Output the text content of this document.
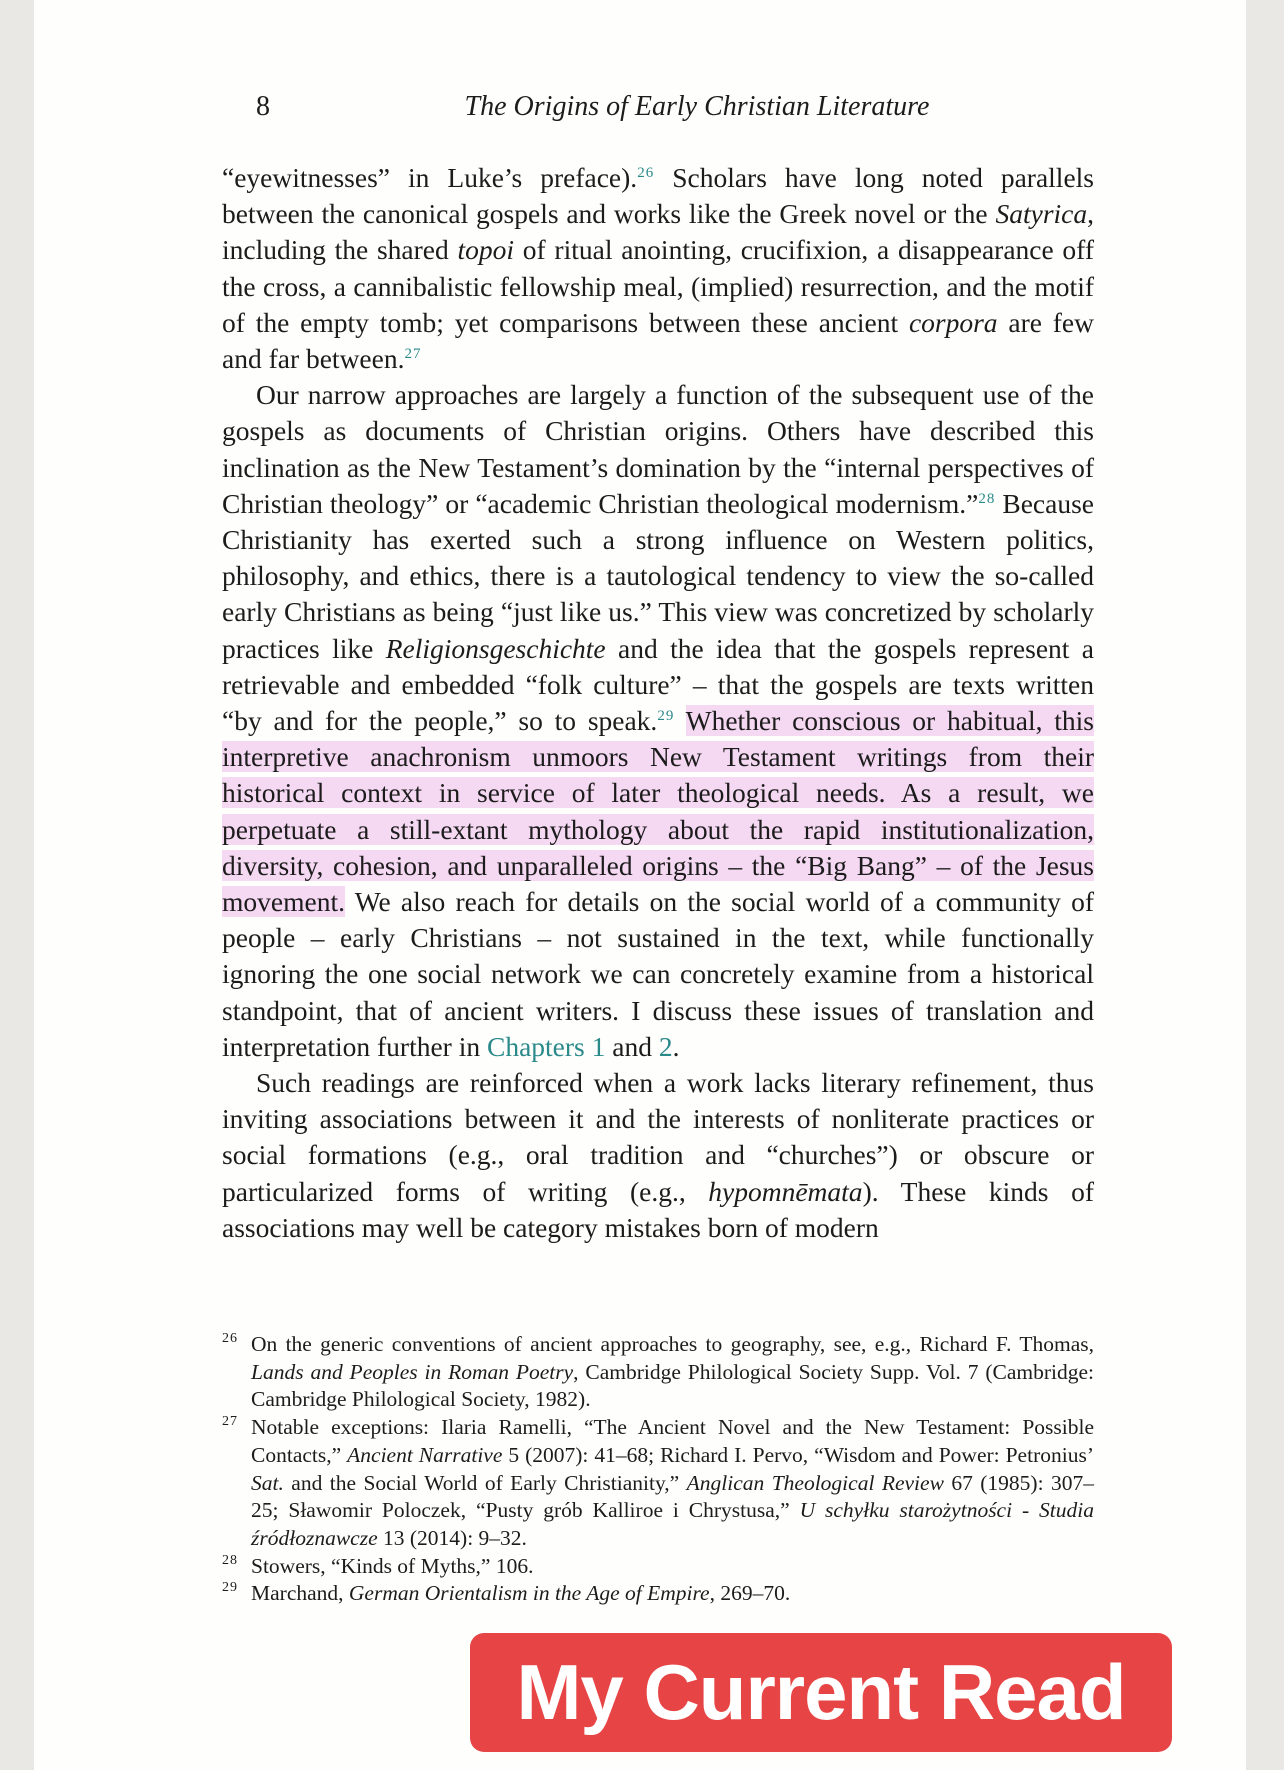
8	The Origins of Early Christian Literature

“eyewitnesses” in Luke’s preface).$^{26}$ Scholars have long noted parallels between the canonical gospels and works like the Greek novel or the Satyrica, including the shared topoi of ritual anointing, crucifixion, a disappearance off the cross, a cannibalistic fellowship meal, (implied) resurrection, and the motif of the empty tomb; yet comparisons between these ancient corpora are few and far between.$^{27}$

Our narrow approaches are largely a function of the subsequent use of the gospels as documents of Christian origins. Others have described this inclination as the New Testament’s domination by the “internal perspectives of Christian theology” or “academic Christian theological modernism.”$^{28}$ Because Christianity has exerted such a strong influence on Western politics, philosophy, and ethics, there is a tautological tendency to view the so-called early Christians as being “just like us.” This view was concretized by scholarly practices like Religionsgeschichte and the idea that the gospels represent a retrievable and embedded “folk culture” – that the gospels are texts written “by and for the people,” so to speak.$^{29}$ Whether conscious or habitual, this interpretive anachronism unmoors New Testament writings from their historical context in service of later theological needs. As a result, we perpetuate a still-extant mythology about the rapid institutionalization, diversity, cohesion, and unparalleled origins – the “Big Bang” – of the Jesus movement. We also reach for details on the social world of a community of people – early Christians – not sustained in the text, while functionally ignoring the one social network we can concretely examine from a historical standpoint, that of ancient writers. I discuss these issues of translation and interpretation further in Chapters 1 and 2.

Such readings are reinforced when a work lacks literary refinement, thus inviting associations between it and the interests of nonliterate practices or social formations (e.g., oral tradition and “churches”) or obscure or particularized forms of writing (e.g., hypomnēmata). These kinds of associations may well be category mistakes born of modern

26 On the generic conventions of ancient approaches to geography, see, e.g., Richard F. Thomas, Lands and Peoples in Roman Poetry, Cambridge Philological Society Supp. Vol. 7 (Cambridge: Cambridge Philological Society, 1982).
27 Notable exceptions: Ilaria Ramelli, “The Ancient Novel and the New Testament: Possible Contacts,” Ancient Narrative 5 (2007): 41–68; Richard I. Pervo, “Wisdom and Power: Petronius’ Sat. and the Social World of Early Christianity,” Anglican Theological Review 67 (1985): 307–25; Sławomir Poloczek, “Pusty grób Kalliroe i Chrystusa,” U schyłku starożytności - Studia źródłoznawcze 13 (2014): 9–32.
28 Stowers, “Kinds of Myths,” 106.
29 Marchand, German Orientalism in the Age of Empire, 269–70.
My Current Read
